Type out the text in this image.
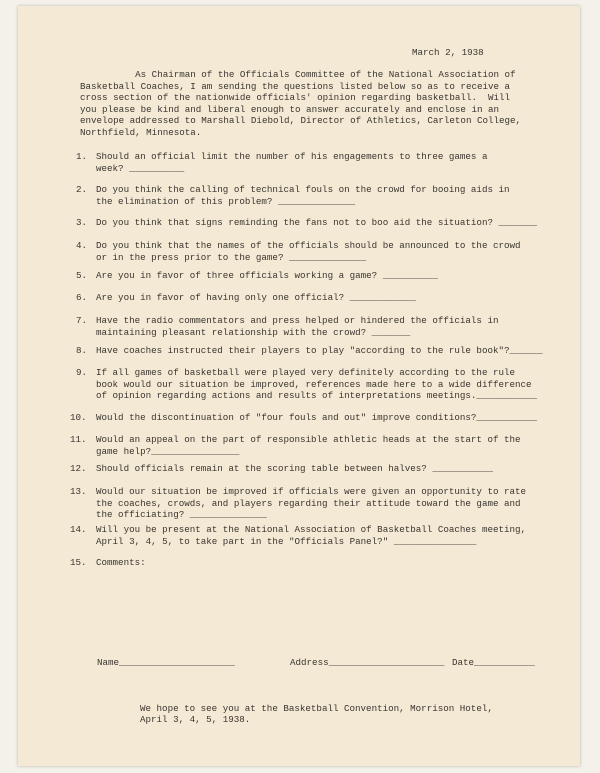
March 2, 1938
As Chairman of the Officials Committee of the National Association of
Basketball Coaches, I am sending the questions listed below so as to receive a
cross section of the nationwide officials' opinion regarding basketball.  Will
you please be kind and liberal enough to answer accurately and enclose in an
envelope addressed to Marshall Diebold, Director of Athletics, Carleton College,
Northfield, Minnesota.
1. Should an official limit the number of his engagements to three games a
week? __________
2. Do you think the calling of technical fouls on the crowd for booing aids in
the elimination of this problem? ______________
3. Do you think that signs reminding the fans not to boo aid the situation? _______
4. Do you think that the names of the officials should be announced to the crowd
or in the press prior to the game? ______________
5. Are you in favor of three officials working a game? __________
6. Are you in favor of having only one official? ____________
7. Have the radio commentators and press helped or hindered the officials in
maintaining pleasant relationship with the crowd? _______
8. Have coaches instructed their players to play "according to the rule book"?______
9. If all games of basketball were played very definitely according to the rule
book would our situation be improved, references made here to a wide difference
of opinion regarding actions and results of interpretations meetings.___________
10. Would the discontinuation of "four fouls and out" improve conditions?___________
11. Would an appeal on the part of responsible athletic heads at the start of the
game help?________________
12. Should officials remain at the scoring table between halves? ___________
13. Would our situation be improved if officials were given an opportunity to rate
the coaches, crowds, and players regarding their attitude toward the game and
the officiating? ______________
14. Will you be present at the National Association of Basketball Coaches meeting,
April 3, 4, 5, to take part in the "Officials Panel?" _______________
15. Comments:
Name_____________________	Address_____________________ Date___________
We hope to see you at the Basketball Convention, Morrison Hotel,
April 3, 4, 5, 1938.
